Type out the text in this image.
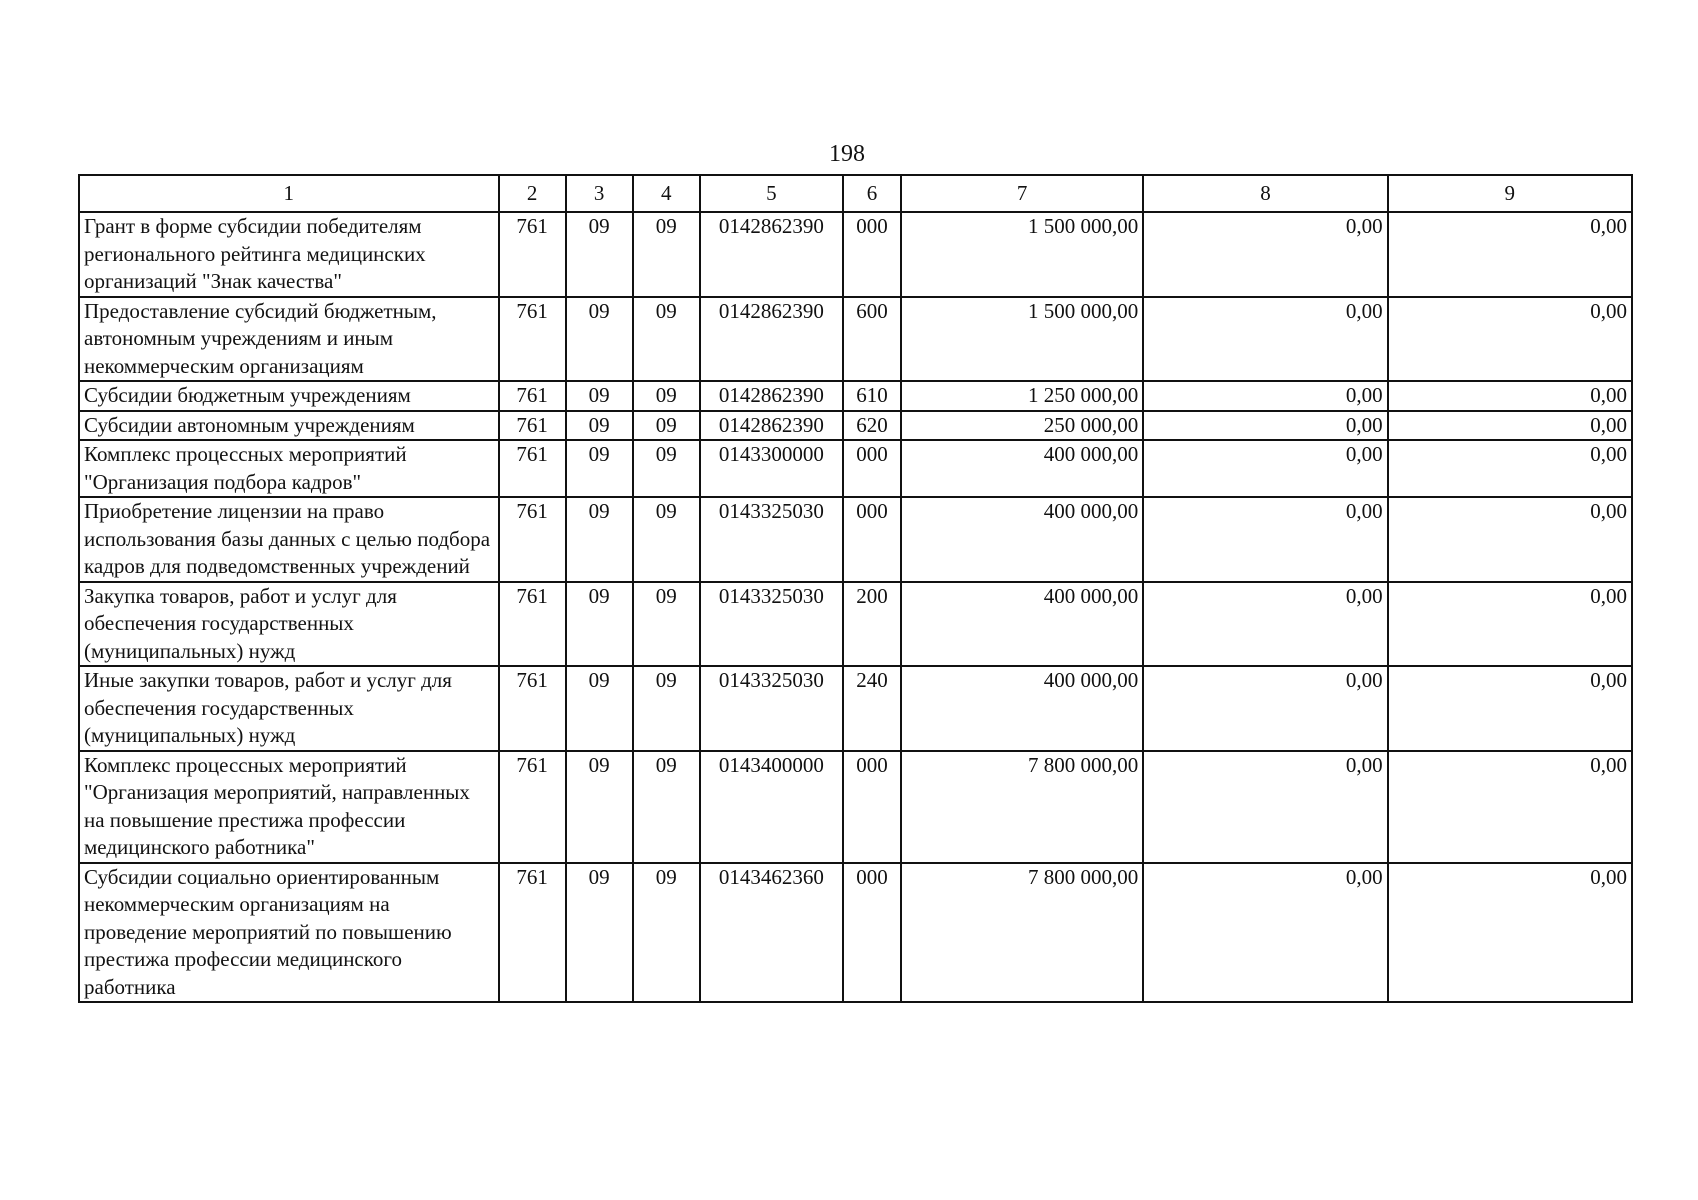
198
1	2	3	4	5	6	7	8	9
Грант в форме субсидии победителям регионального рейтинга медицинских организаций "Знак качества"	761	09	09	0142862390	000	1 500 000,00	0,00	0,00
Предоставление субсидий бюджетным, автономным учреждениям и иным некоммерческим организациям	761	09	09	0142862390	600	1 500 000,00	0,00	0,00
Субсидии бюджетным учреждениям	761	09	09	0142862390	610	1 250 000,00	0,00	0,00
Субсидии автономным учреждениям	761	09	09	0142862390	620	250 000,00	0,00	0,00
Комплекс процессных мероприятий "Организация подбора кадров"	761	09	09	0143300000	000	400 000,00	0,00	0,00
Приобретение лицензии на право использования базы данных с целью подбора кадров для подведомственных учреждений	761	09	09	0143325030	000	400 000,00	0,00	0,00
Закупка товаров, работ и услуг для обеспечения государственных (муниципальных) нужд	761	09	09	0143325030	200	400 000,00	0,00	0,00
Иные закупки товаров, работ и услуг для обеспечения государственных (муниципальных) нужд	761	09	09	0143325030	240	400 000,00	0,00	0,00
Комплекс процессных мероприятий "Организация мероприятий, направленных на повышение престижа профессии медицинского работника"	761	09	09	0143400000	000	7 800 000,00	0,00	0,00
Субсидии социально ориентированным некоммерческим организациям на проведение мероприятий по повышению престижа профессии медицинского работника	761	09	09	0143462360	000	7 800 000,00	0,00	0,00
